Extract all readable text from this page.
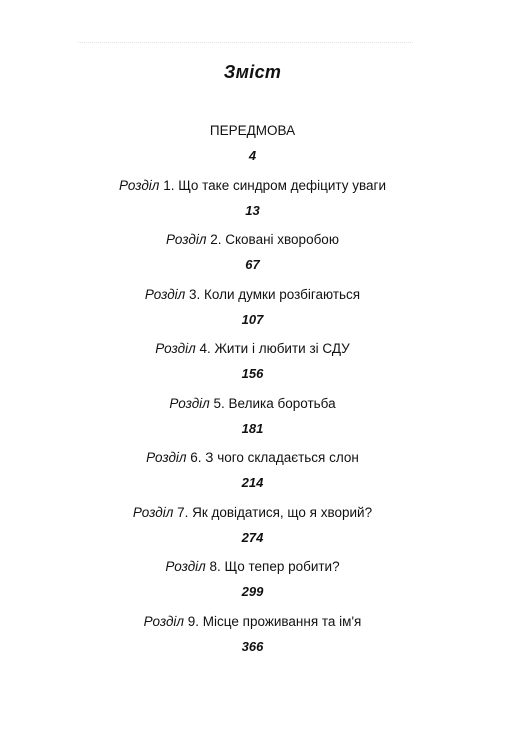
Зміст
ПЕРЕДМОВА
4
Розділ 1. Що таке синдром дефіциту уваги
13
Розділ 2. Сковані хворобою
67
Розділ 3. Коли думки розбігаються
107
Розділ 4. Жити і любити зі СДУ
156
Розділ 5. Велика боротьба
181
Розділ 6. З чого складається слон
214
Розділ 7. Як довідатися, що я хворий?
274
Розділ 8. Що тепер робити?
299
Розділ 9. Місце проживання та ім'я
366
